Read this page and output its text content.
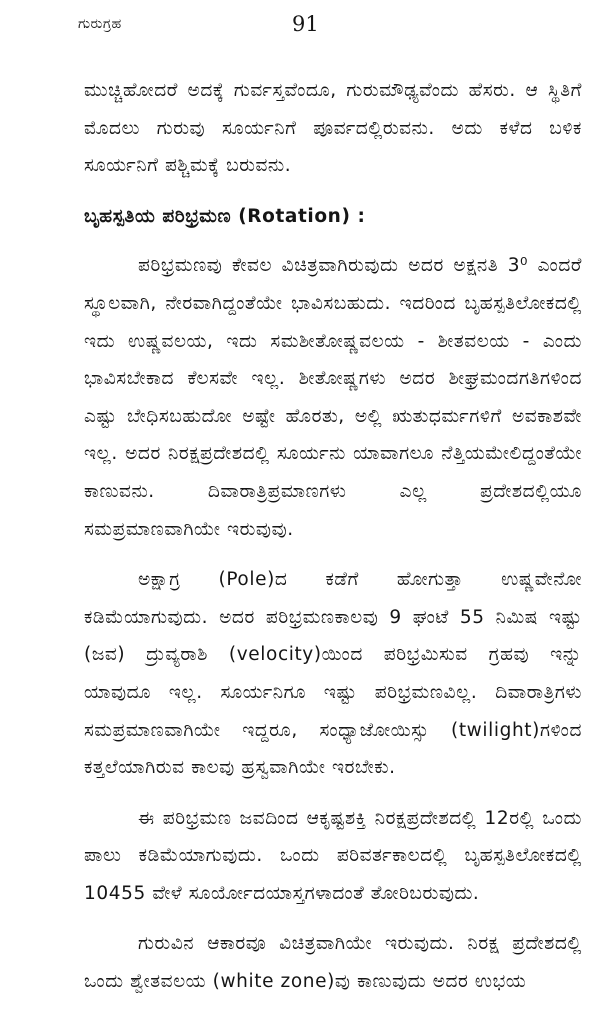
ಗುರುಗ್ರಹ	91

ಮುಚ್ಚಿಹೋದರೆ ಅದಕ್ಕೆ ಗುರ್ವಸ್ತವೆಂದೂ, ಗುರುಮೌಢ್ಯವೆಂದು ಹೆಸರು. ಆ ಸ್ಥಿತಿಗೆ ಮೊದಲು ಗುರುವು ಸೂರ್ಯನಿಗೆ ಪೂರ್ವದಲ್ಲಿರುವನು. ಅದು ಕಳೆದ ಬಳಿಕ ಸೂರ್ಯನಿಗೆ ಪಶ್ಚಿಮಕ್ಕೆ ಬರುವನು.

ಬೃಹಸ್ಪತಿಯ ಪರಿಭ್ರಮಣ (Rotation) :

ಪರಿಭ್ರಮಣವು ಕೇವಲ ವಿಚಿತ್ರವಾಗಿರುವುದು ಅದರ ಅಕ್ಷನತಿ 3⁰ ಎಂದರೆ ಸ್ಥೂಲವಾಗಿ, ನೇರವಾಗಿದ್ದಂತೆಯೇ ಭಾವಿಸಬಹುದು. ಇದರಿಂದ ಬೃಹಸ್ಪತಿಲೋಕದಲ್ಲಿ ಇದು ಉಷ್ಣವಲಯ, ಇದು ಸಮಶೀತೋಷ್ಣವಲಯ - ಶೀತವಲಯ - ಎಂದು ಭಾವಿಸಬೇಕಾದ ಕೆಲಸವೇ ಇಲ್ಲ. ಶೀತೋಷ್ಣಗಳು ಅದರ ಶೀಘ್ರಮಂದಗತಿಗಳಿಂದ ಎಷ್ಟು ಬೇಧಿಸಬಹುದೋ ಅಷ್ಟೇ ಹೊರತು, ಅಲ್ಲಿ ಋತುಧರ್ಮಗಳಿಗೆ ಅವಕಾಶವೇ ಇಲ್ಲ. ಅದರ ನಿರಕ್ಷಪ್ರದೇಶದಲ್ಲಿ ಸೂರ್ಯನು ಯಾವಾಗಲೂ ನೆತ್ತಿಯಮೇಲಿದ್ದಂತೆಯೇ ಕಾಣುವನು. ದಿವಾರಾತ್ರಿಪ್ರಮಾಣಗಳು ಎಲ್ಲ ಪ್ರದೇಶದಲ್ಲಿಯೂ ಸಮಪ್ರಮಾಣವಾಗಿಯೇ ಇರುವುವು.

ಅಕ್ಷಾಗ್ರ (Pole)ದ ಕಡೆಗೆ ಹೋಗುತ್ತಾ ಉಷ್ಣವೇನೋ ಕಡಿಮೆಯಾಗುವುದು. ಅದರ ಪರಿಭ್ರಮಣಕಾಲವು 9 ಘಂಟೆ 55 ನಿಮಿಷ ಇಷ್ಟು (ಜವ) ದ್ರುವ್ಯರಾಶಿ (velocity)ಯಿಂದ ಪರಿಭ್ರಮಿಸುವ ಗ್ರಹವು ಇನ್ನು ಯಾವುದೂ ಇಲ್ಲ. ಸೂರ್ಯನಿಗೂ ಇಷ್ಟು ಪರಿಭ್ರಮಣವಿಲ್ಲ. ದಿವಾರಾತ್ರಿಗಳು ಸಮಪ್ರಮಾಣವಾಗಿಯೇ ಇದ್ದರೂ, ಸಂಧ್ಯಾಜೋಯಿಸ್ಸು (twilight)ಗಳಿಂದ ಕತ್ತಲೆಯಾಗಿರುವ ಕಾಲವು ಹ್ರಸ್ವವಾಗಿಯೇ ಇರಬೇಕು.

ಈ ಪರಿಭ್ರಮಣ ಜವದಿಂದ ಆಕೃಷ್ಟಶಕ್ತಿ ನಿರಕ್ಷಪ್ರದೇಶದಲ್ಲಿ 12ರಲ್ಲಿ ಒಂದು ಪಾಲು ಕಡಿಮೆಯಾಗುವುದು. ಒಂದು ಪರಿವರ್ತಕಾಲದಲ್ಲಿ ಬೃಹಸ್ಪತಿಲೋಕದಲ್ಲಿ 10455 ವೇಳೆ ಸೂರ್ಯೋದಯಾಸ್ತಗಳಾದಂತೆ ತೋರಿಬರುವುದು.

ಗುರುವಿನ ಆಕಾರವೂ ವಿಚಿತ್ರವಾಗಿಯೇ ಇರುವುದು. ನಿರಕ್ಷ ಪ್ರದೇಶದಲ್ಲಿ ಒಂದು ಶ್ವೇತವಲಯ (white zone)ವು ಕಾಣುವುದು ಅದರ ಉಭಯ
